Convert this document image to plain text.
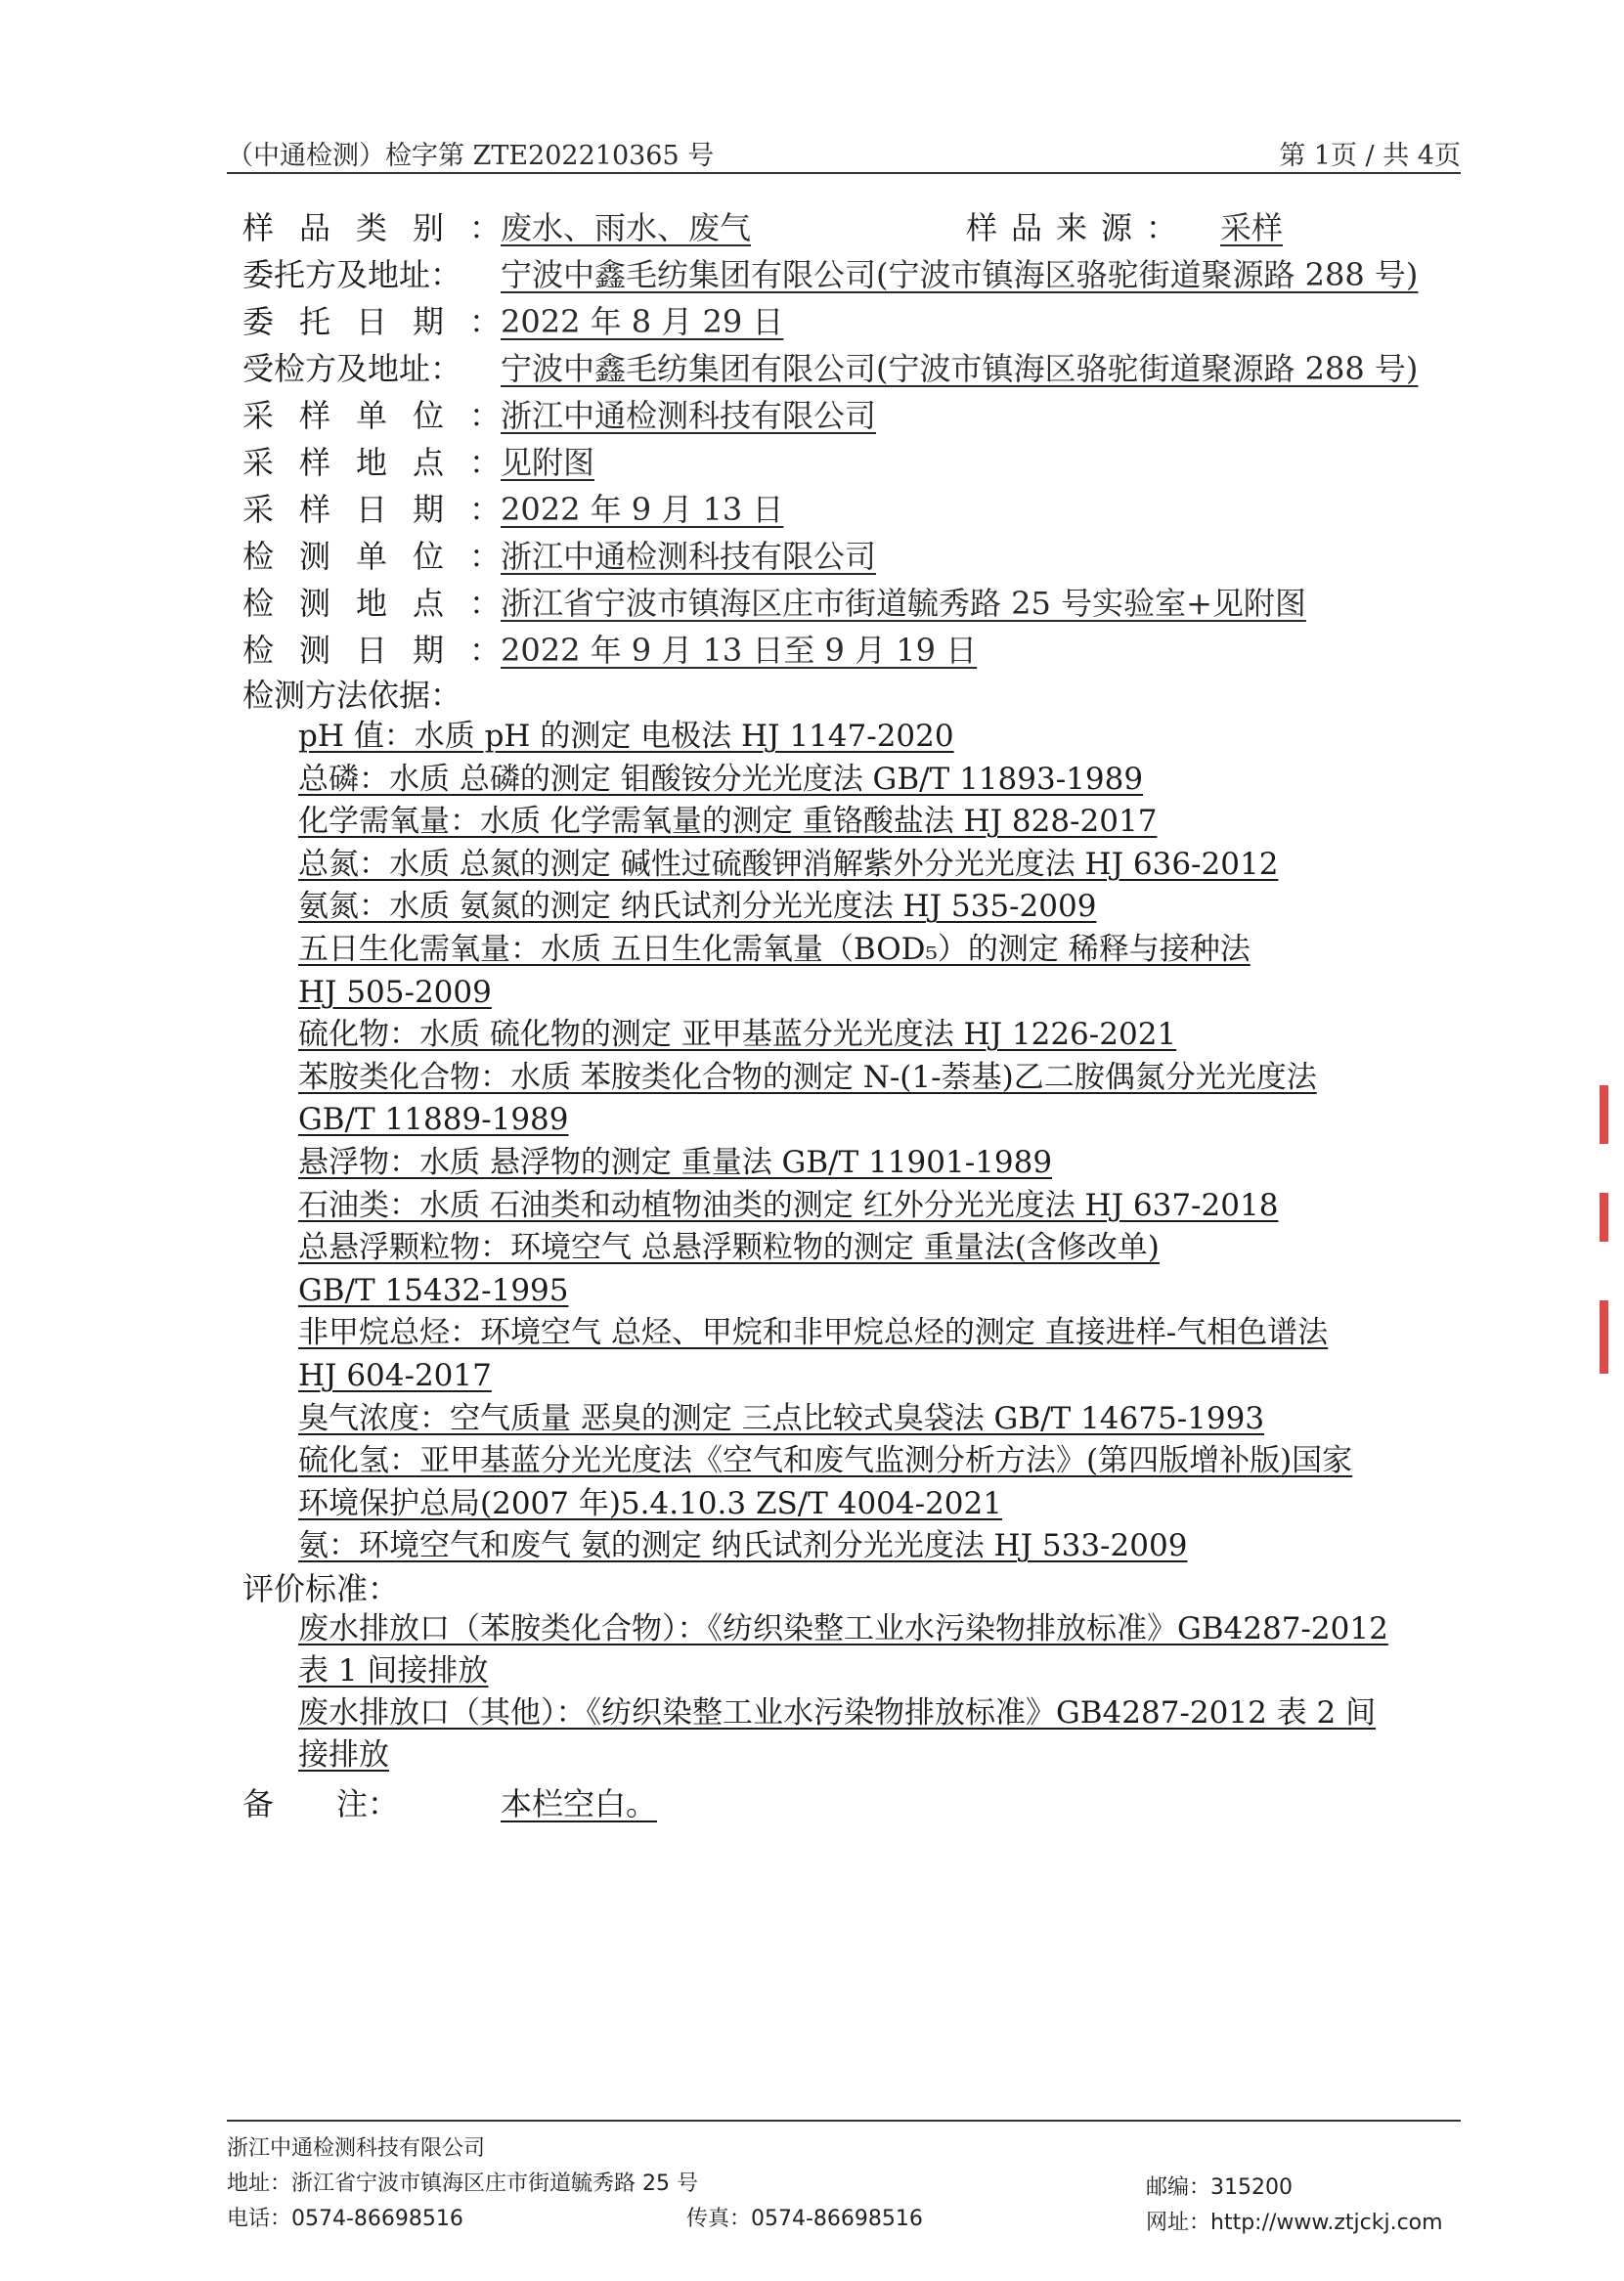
（中通检测）检字第 ZTE202210365 号	第 1页 / 共 4页
样品类别：
废水、雨水、废气	样品来源： 采样
委托方及地址： 宁波中鑫毛纺集团有限公司(宁波市镇海区骆驼街道聚源路 288 号)
委托日期：
2022 年 8 月 29 日
受检方及地址： 宁波中鑫毛纺集团有限公司(宁波市镇海区骆驼街道聚源路 288 号)
采样单位：
浙江中通检测科技有限公司
采样地点：
见附图
采样日期：
2022 年 9 月 13 日
检测单位：
浙江中通检测科技有限公司
检测地点：
浙江省宁波市镇海区庄市街道毓秀路 25 号实验室+见附图
检测日期：
2022 年 9 月 13 日至 9 月 19 日
检测方法依据：
pH 值：水质 pH 的测定 电极法 HJ 1147-2020
总磷：水质 总磷的测定 钼酸铵分光光度法 GB/T 11893-1989
化学需氧量：水质 化学需氧量的测定 重铬酸盐法 HJ 828-2017
总氮：水质 总氮的测定 碱性过硫酸钾消解紫外分光光度法 HJ 636-2012
氨氮：水质 氨氮的测定 纳氏试剂分光光度法 HJ 535-2009
五日生化需氧量：水质 五日生化需氧量（BOD₅）的测定 稀释与接种法
HJ 505-2009
硫化物：水质 硫化物的测定 亚甲基蓝分光光度法 HJ 1226-2021
苯胺类化合物：水质 苯胺类化合物的测定 N-(1-萘基)乙二胺偶氮分光光度法
GB/T 11889-1989
悬浮物：水质 悬浮物的测定 重量法 GB/T 11901-1989
石油类：水质 石油类和动植物油类的测定 红外分光光度法 HJ 637-2018
总悬浮颗粒物：环境空气 总悬浮颗粒物的测定 重量法(含修改单)
GB/T 15432-1995
非甲烷总烃：环境空气 总烃、甲烷和非甲烷总烃的测定 直接进样-气相色谱法
HJ 604-2017
臭气浓度：空气质量 恶臭的测定 三点比较式臭袋法 GB/T 14675-1993
硫化氢：亚甲基蓝分光光度法《空气和废气监测分析方法》(第四版增补版)国家
环境保护总局(2007 年)5.4.10.3 ZS/T 4004-2021
氨：环境空气和废气 氨的测定 纳氏试剂分光光度法 HJ 533-2009
评价标准：
废水排放口（苯胺类化合物）：《纺织染整工业水污染物排放标准》GB4287-2012
表 1 间接排放
废水排放口（其他）：《纺织染整工业水污染物排放标准》GB4287-2012 表 2 间
接排放
备　　注：	本栏空白。
浙江中通检测科技有限公司
地址：浙江省宁波市镇海区庄市街道毓秀路 25 号	邮编：315200
电话：0574-86698516	传真：0574-86698516	网址：http://www.ztjckj.com
